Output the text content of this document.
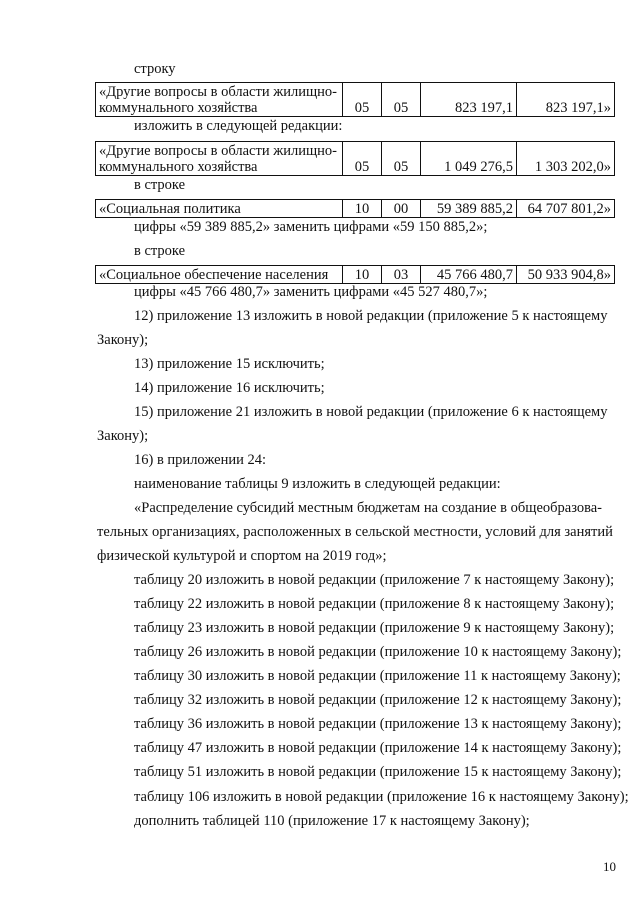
строку
«Другие вопросы в области жилищно-
коммунального хозяйства	05	05	823 197,1	823 197,1»
изложить в следующей редакции:
«Другие вопросы в области жилищно-
коммунального хозяйства	05	05	1 049 276,5	1 303 202,0»
в строке
«Социальная политика	10	00	59 389 885,2	64 707 801,2»
цифры «59 389 885,2» заменить цифрами «59 150 885,2»;
в строке
«Социальное обеспечение населения	10	03	45 766 480,7	50 933 904,8»
цифры «45 766 480,7» заменить цифрами «45 527 480,7»;
12) приложение 13 изложить в новой редакции (приложение 5 к настоящему
Закону);
13) приложение 15 исключить;
14) приложение 16 исключить;
15) приложение 21 изложить в новой редакции (приложение 6 к настоящему
Закону);
16) в приложении 24:
наименование таблицы 9 изложить в следующей редакции:
«Распределение субсидий местным бюджетам на создание в общеобразова-
тельных организациях, расположенных в сельской местности, условий для занятий
физической культурой и спортом на 2019 год»;
таблицу 20 изложить в новой редакции (приложение 7 к настоящему Закону);
таблицу 22 изложить в новой редакции (приложение 8 к настоящему Закону);
таблицу 23 изложить в новой редакции (приложение 9 к настоящему Закону);
таблицу 26 изложить в новой редакции (приложение 10 к настоящему Закону);
таблицу 30 изложить в новой редакции (приложение 11 к настоящему Закону);
таблицу 32 изложить в новой редакции (приложение 12 к настоящему Закону);
таблицу 36 изложить в новой редакции (приложение 13 к настоящему Закону);
таблицу 47 изложить в новой редакции (приложение 14 к настоящему Закону);
таблицу 51 изложить в новой редакции (приложение 15 к настоящему Закону);
таблицу 106 изложить в новой редакции (приложение 16 к настоящему Закону);
дополнить таблицей 110 (приложение 17 к настоящему Закону);
10
